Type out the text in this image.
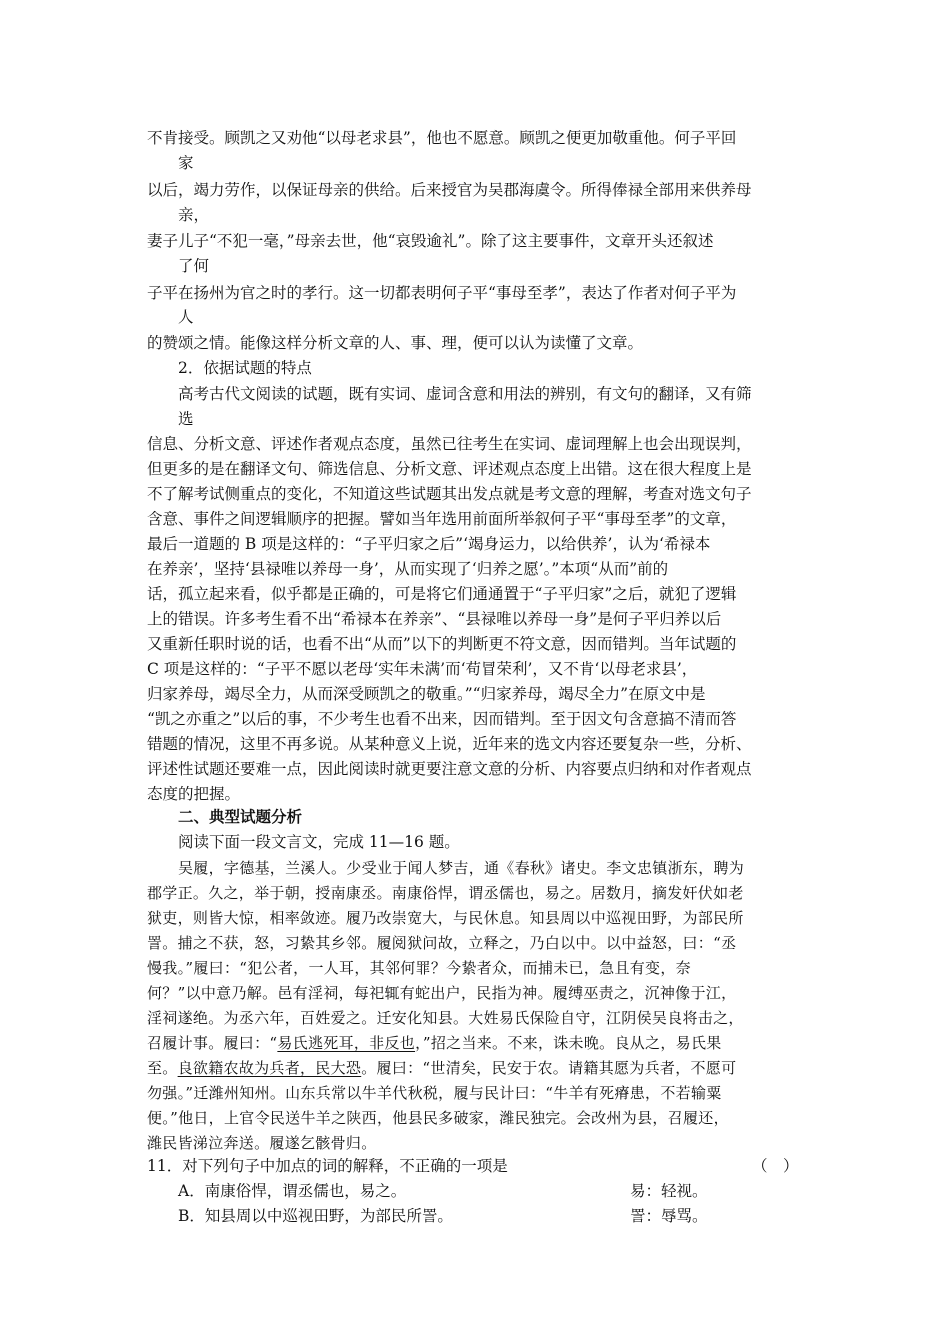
不肯接受。顾凯之又劝他“以母老求县”，他也不愿意。顾凯之便更加敬重他。何子平回
家
以后，竭力劳作，以保证母亲的供给。后来授官为吴郡海虞令。所得俸禄全部用来供养母
亲，
妻子儿子“不犯一毫，”母亲去世，他“哀毁逾礼”。除了这主要事件，文章开头还叙述
了何
子平在扬州为官之时的孝行。这一切都表明何子平“事母至孝”，表达了作者对何子平为
人
的赞颂之情。能像这样分析文章的人、事、理，便可以认为读懂了文章。
2．依据试题的特点
高考古代文阅读的试题，既有实词、虚词含意和用法的辨别，有文句的翻译，又有筛
选
信息、分析文意、评述作者观点态度，虽然已往考生在实词、虚词理解上也会出现误判，
但更多的是在翻译文句、筛选信息、分析文意、评述观点态度上出错。这在很大程度上是
不了解考试侧重点的变化，不知道这些试题其出发点就是考文意的理解，考查对选文句子
含意、事件之间逻辑顺序的把握。譬如当年选用前面所举叙何子平“事母至孝”的文章，
最后一道题的 B 项是这样的：“子平归家之后”‘竭身运力，以给供养’，认为‘希禄本
在养亲’，坚持‘县禄唯以养母一身’，从而实现了‘归养之愿’。”本项“从而”前的
话，孤立起来看，似乎都是正确的，可是将它们通通置于“子平归家”之后，就犯了逻辑
上的错误。许多考生看不出“希禄本在养亲”、“县禄唯以养母一身”是何子平归养以后
又重新任职时说的话，也看不出“从而”以下的判断更不符文意，因而错判。当年试题的
C 项是这样的：“子平不愿以老母‘实年未满’而‘苟冒荣利’，又不肯‘以母老求县’，
归家养母，竭尽全力，从而深受顾凯之的敬重。”“归家养母，竭尽全力”在原文中是
“凯之亦重之”以后的事，不少考生也看不出来，因而错判。至于因文句含意搞不清而答
错题的情况，这里不再多说。从某种意义上说，近年来的选文内容还要复杂一些，分析、
评述性试题还要难一点，因此阅读时就更要注意文意的分析、内容要点归纳和对作者观点
态度的把握。
二、典型试题分析
阅读下面一段文言文，完成 11—16 题。
吴履，字德基，兰溪人。少受业于闻人梦吉，通《春秋》诸史。李文忠镇浙东，聘为
郡学正。久之，举于朝，授南康丞。南康俗悍，谓丞儒也，易之。居数月，摘发奸伏如老
狱吏，则皆大惊，相率敛迹。履乃改崇宽大，与民休息。知县周以中巡视田野，为部民所
詈。捕之不获，怒，习絷其乡邻。履阅狱问故，立释之，乃白以中。以中益怒，曰：“丞
慢我。”履曰：“犯公者，一人耳，其邻何罪？今絷者众，而捕未已，急且有变，奈
何？”以中意乃解。邑有淫祠，每祀辄有蛇出户，民指为神。履缚巫责之，沉神像于江，
淫祠遂绝。为丞六年，百姓爱之。迁安化知县。大姓易氏保险自守，江阴侯吴良将击之，
召履计事。履曰：“易氏逃死耳，非反也，”招之当来。不来，诛未晚。良从之，易氏果
至。良欲籍农故为兵者，民大恐。履曰：“世清矣，民安于农。请籍其愿为兵者，不愿可
勿强。”迁潍州知州。山东兵常以牛羊代秋税，履与民计曰：“牛羊有死瘠患，不若输粟
便。”他日，上官令民送牛羊之陕西，他县民多破家，潍民独完。会改州为县，召履还，
潍民皆涕泣奔送。履遂乞骸骨归。
11．对下列句子中加点的词的解释，不正确的一项是	（　）
A．南康俗悍，谓丞儒也，易之。	易：轻视。
B．知县周以中巡视田野，为部民所詈。	詈：辱骂。
